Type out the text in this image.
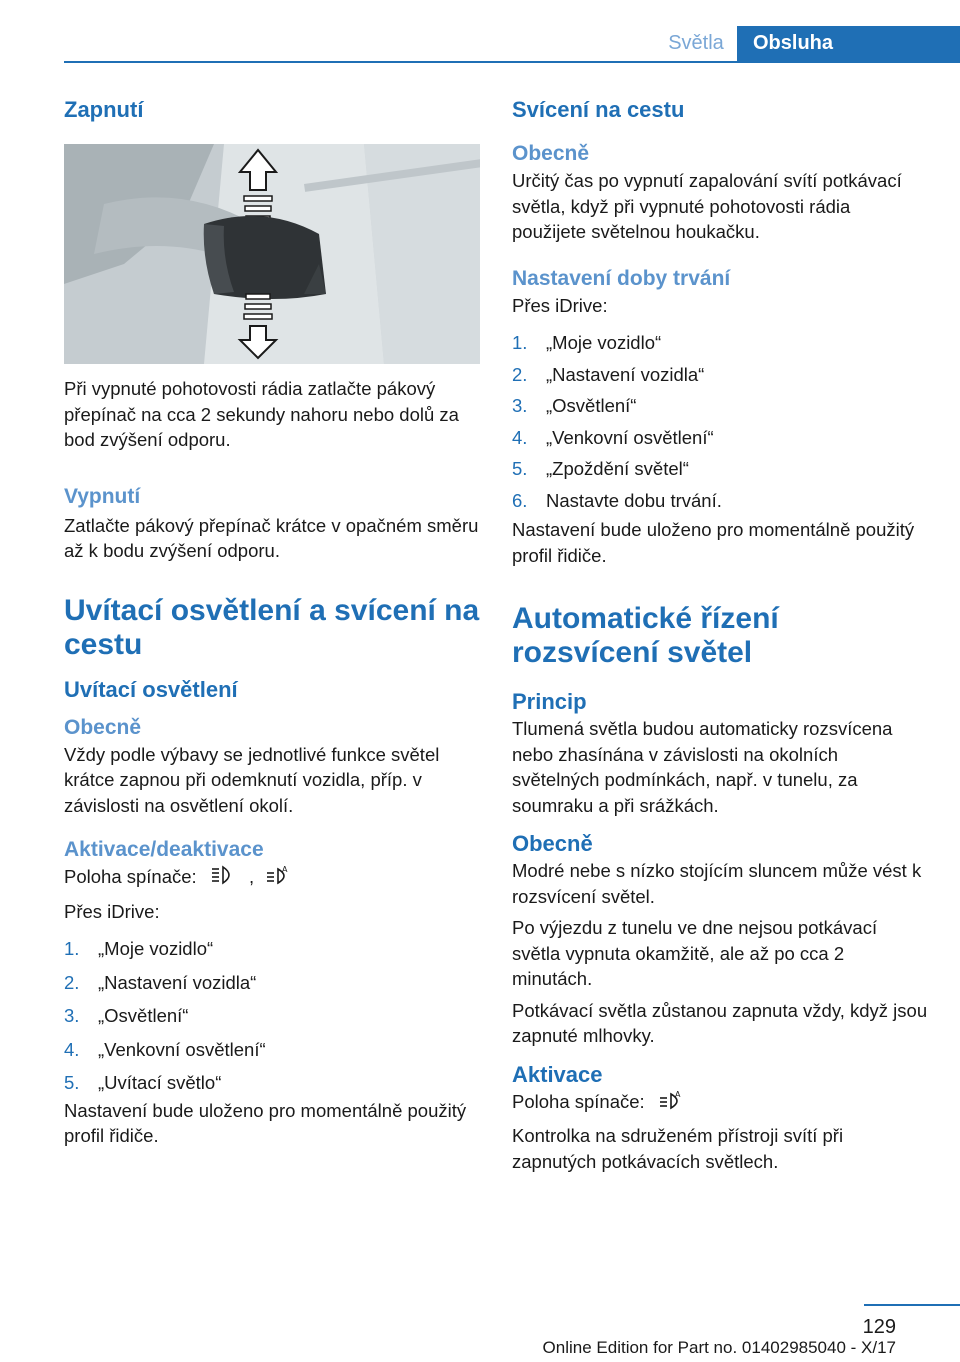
Světla	Obsluha
Zapnutí

Při vypnuté pohotovosti rádia zatlačte pákový přepínač na cca 2 sekundy nahoru nebo dolů za bod zvýšení odporu.

Vypnutí

Zatlačte pákový přepínač krátce v opačném směru až k bodu zvýšení odporu.

Uvítací osvětlení a svícení na cestu
Uvítací osvětlení
Obecně

Vždy podle výbavy se jednotlivé funkce světel krátce zapnou při odemknutí vozidla, příp. v závislosti na osvětlení okolí.

Aktivace/deaktivace

Poloha spínače:	,	A

Přes iDrive:

1. „Moje vozidlo“
2. „Nastavení vozidla“
3. „Osvětlení“
4. „Venkovní osvětlení“
5. „Uvítací světlo“

Nastavení bude uloženo pro momentálně použitý profil řidiče.

Svícení na cestu
Obecně

Určitý čas po vypnutí zapalování svítí potkávací světla, když při vypnuté pohotovosti rádia použijete světelnou houkačku.

Nastavení doby trvání

Přes iDrive:

1. „Moje vozidlo“
2. „Nastavení vozidla“
3. „Osvětlení“
4. „Venkovní osvětlení“
5. „Zpoždění světel“
6. Nastavte dobu trvání.

Nastavení bude uloženo pro momentálně použitý profil řidiče.

Automatické řízení rozsvícení světel
Princip

Tlumená světla budou automaticky rozsvícena nebo zhasínána v závislosti na okolních světelných podmínkách, např. v tunelu, za soumraku a při srážkách.

Obecně

Modré nebe s nízko stojícím sluncem může vést k rozsvícení světel.

Po výjezdu z tunelu ve dne nejsou potkávací světla vypnuta okamžitě, ale až po cca 2 minutách.

Potkávací světla zůstanou zapnuta vždy, když jsou zapnuté mlhovky.

Aktivace

Poloha spínače:	A

Kontrolka na sdruženém přístroji svítí při zapnutých potkávacích světlech.

129
Online Edition for Part no. 01402985040 - X/17
